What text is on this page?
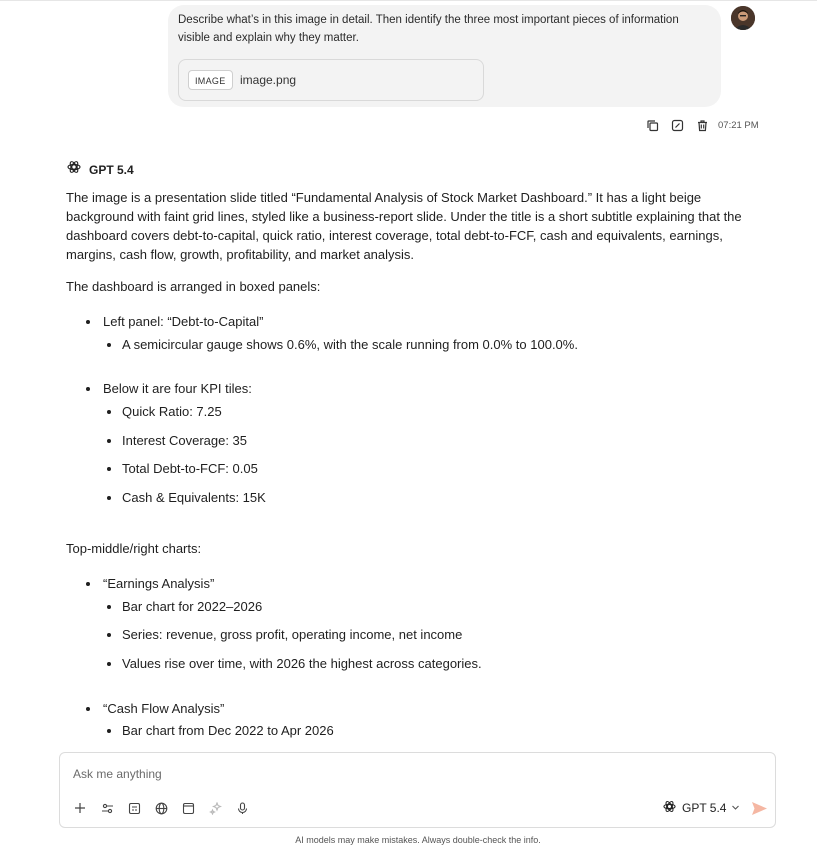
Describe what’s in this image in detail. Then identify the three most important pieces of information visible and explain why they matter.
IMAGE	image.png
07:21 PM
GPT 5.4

The image is a presentation slide titled “Fundamental Analysis of Stock Market Dashboard.” It has a light beige background with faint grid lines, styled like a business-report slide. Under the title is a short subtitle explaining that the dashboard covers debt-to-capital, quick ratio, interest coverage, total debt-to-FCF, cash and equivalents, earnings, margins, cash flow, growth, profitability, and market analysis.

The dashboard is arranged in boxed panels:

Left panel: “Debt-to-Capital”
A semicircular gauge shows 0.6%, with the scale running from 0.0% to 100.0%.
Below it are four KPI tiles:
Quick Ratio: 7.25
Interest Coverage: 35
Total Debt-to-FCF: 0.05
Cash & Equivalents: 15K
Top-middle/right charts:
“Earnings Analysis”
Bar chart for 2022–2026
Series: revenue, gross profit, operating income, net income
Values rise over time, with 2026 the highest across categories.
“Cash Flow Analysis”
Bar chart from Dec 2022 to Apr 2026
Ask me anything
GPT 5.4
AI models may make mistakes. Always double-check the info.
